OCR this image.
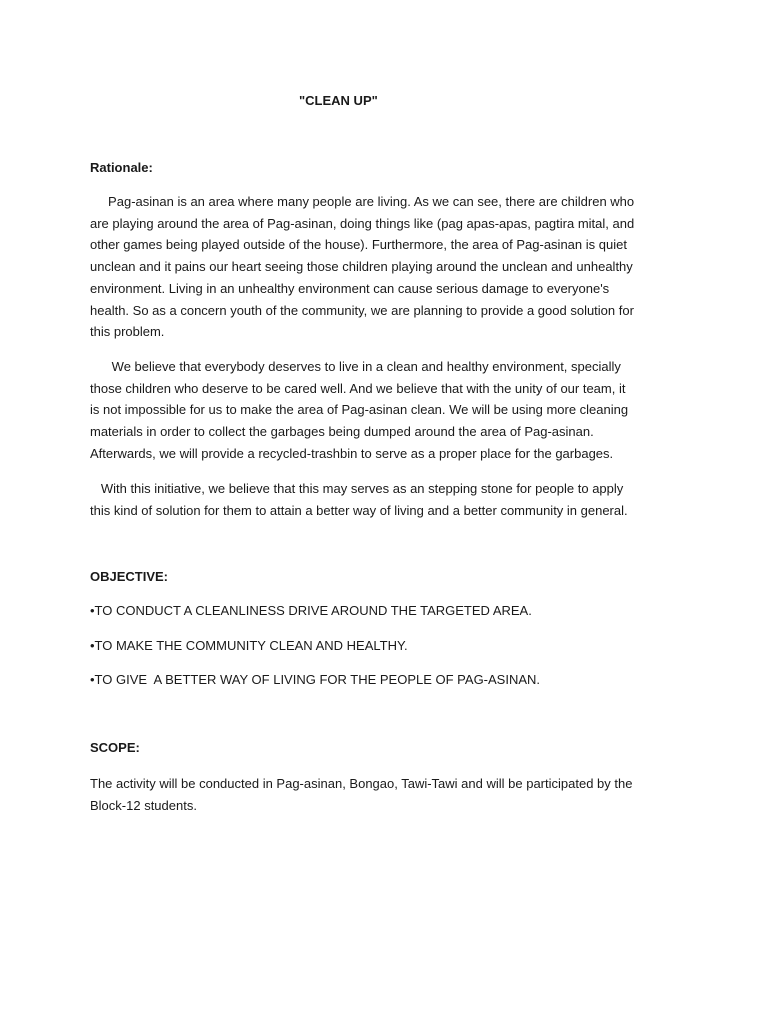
"CLEAN UP"
Rationale:

Pag-asinan is an area where many people are living. As we can see, there are children who
are playing around the area of Pag-asinan, doing things like (pag apas-apas, pagtira mital, and
other games being played outside of the house). Furthermore, the area of Pag-asinan is quiet
unclean and it pains our heart seeing those children playing around the unclean and unhealthy
environment. Living in an unhealthy environment can cause serious damage to everyone's
health. So as a concern youth of the community, we are planning to provide a good solution for
this problem.

We believe that everybody deserves to live in a clean and healthy environment, specially
those children who deserve to be cared well. And we believe that with the unity of our team, it
is not impossible for us to make the area of Pag-asinan clean. We will be using more cleaning
materials in order to collect the garbages being dumped around the area of Pag-asinan.
Afterwards, we will provide a recycled-trashbin to serve as a proper place for the garbages.

With this initiative, we believe that this may serves as an stepping stone for people to apply
this kind of solution for them to attain a better way of living and a better community in general.

OBJECTIVE:
•TO CONDUCT A CLEANLINESS DRIVE AROUND THE TARGETED AREA.
•TO MAKE THE COMMUNITY CLEAN AND HEALTHY.
•TO GIVE  A BETTER WAY OF LIVING FOR THE PEOPLE OF PAG-ASINAN.
SCOPE:

The activity will be conducted in Pag-asinan, Bongao, Tawi-Tawi and will be participated by the
Block-12 students.
